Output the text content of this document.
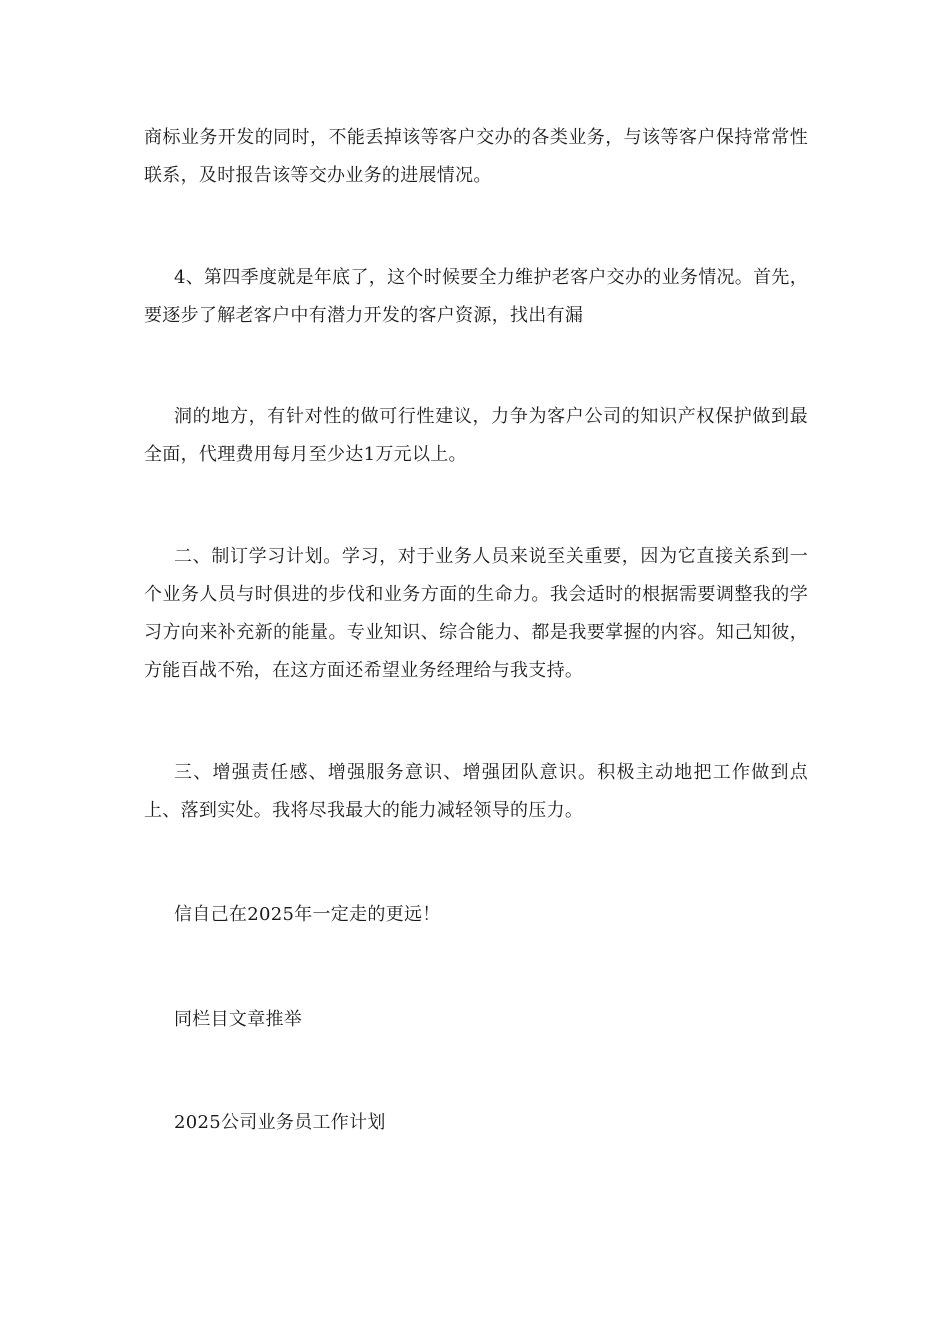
商标业务开发的同时，不能丢掉该等客户交办的各类业务，与该等客户保持常常性联系，及时报告该等交办业务的进展情况。

4、第四季度就是年底了，这个时候要全力维护老客户交办的业务情况。首先，要逐步了解老客户中有潜力开发的客户资源，找出有漏

洞的地方，有针对性的做可行性建议，力争为客户公司的知识产权保护做到最全面，代理费用每月至少达1万元以上。

二、制订学习计划。学习，对于业务人员来说至关重要，因为它直接关系到一个业务人员与时俱进的步伐和业务方面的生命力。我会适时的根据需要调整我的学习方向来补充新的能量。专业知识、综合能力、都是我要掌握的内容。知己知彼，方能百战不殆，在这方面还希望业务经理给与我支持。

三、增强责任感、增强服务意识、增强团队意识。积极主动地把工作做到点上、落到实处。我将尽我最大的能力减轻领导的压力。

信自己在2025年一定走的更远！

同栏目文章推举

2025公司业务员工作计划
